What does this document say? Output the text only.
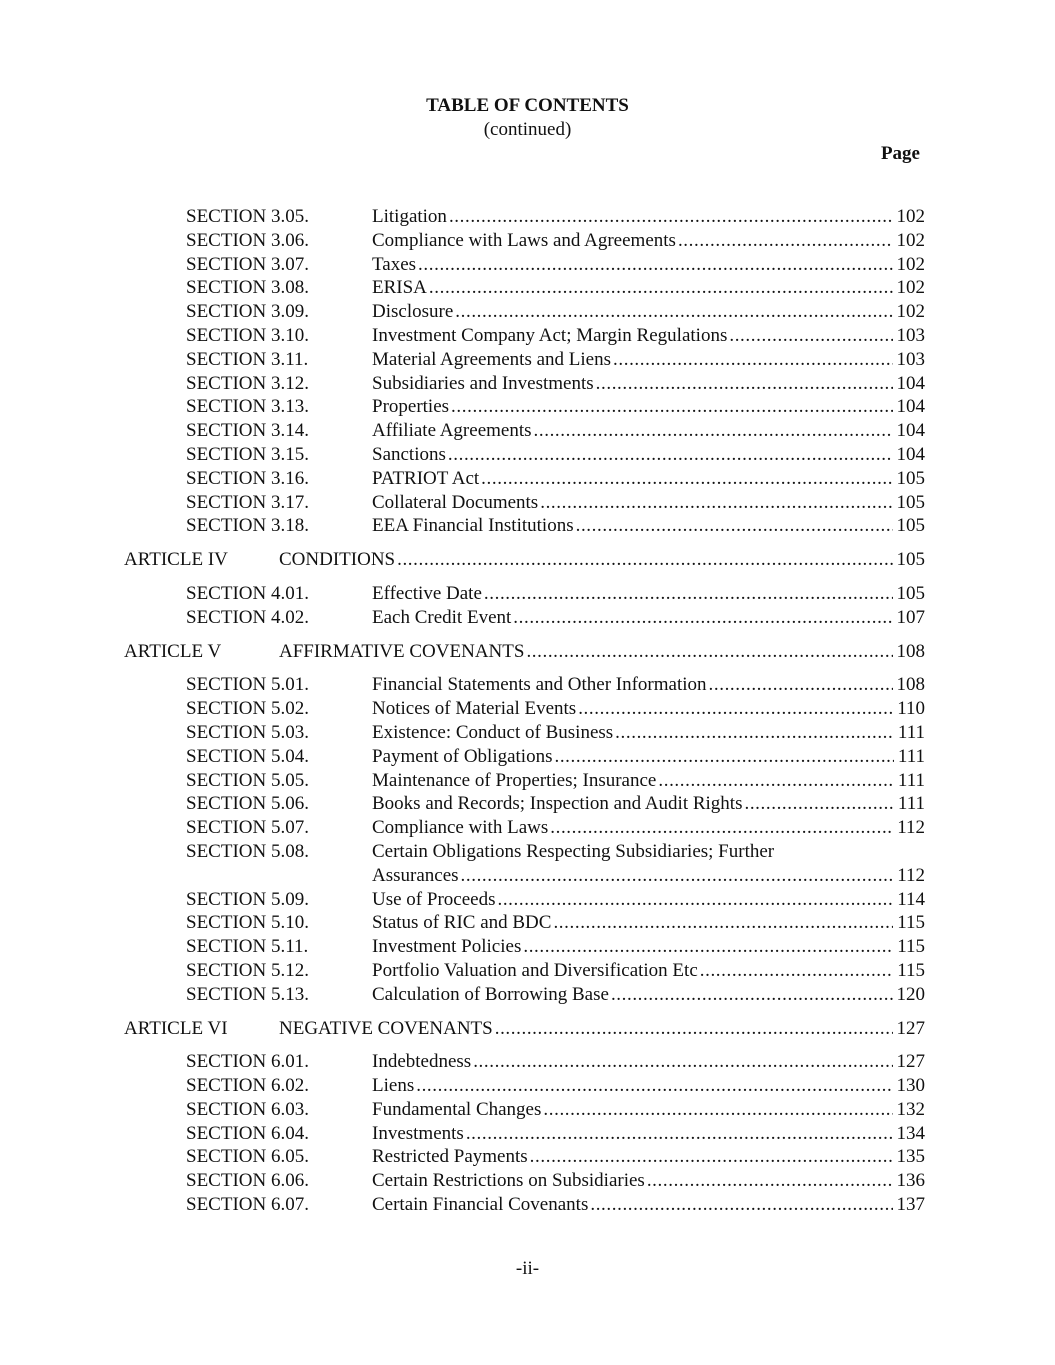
TABLE OF CONTENTS
(continued)
Page
SECTION 3.05.	Litigation .....	102
SECTION 3.06.	Compliance with Laws and Agreements .....	102
SECTION 3.07.	Taxes .....	102
SECTION 3.08.	ERISA .....	102
SECTION 3.09.	Disclosure .....	102
SECTION 3.10.	Investment Company Act; Margin Regulations .....	103
SECTION 3.11.	Material Agreements and Liens .....	103
SECTION 3.12.	Subsidiaries and Investments .....	104
SECTION 3.13.	Properties .....	104
SECTION 3.14.	Affiliate Agreements .....	104
SECTION 3.15.	Sanctions .....	104
SECTION 3.16.	PATRIOT Act .....	105
SECTION 3.17.	Collateral Documents .....	105
SECTION 3.18.	EEA Financial Institutions .....	105
ARTICLE IV	CONDITIONS .....	105
SECTION 4.01.	Effective Date .....	105
SECTION 4.02.	Each Credit Event .....	107
ARTICLE V	AFFIRMATIVE COVENANTS .....	108
SECTION 5.01.	Financial Statements and Other Information .....	108
SECTION 5.02.	Notices of Material Events .....	110
SECTION 5.03.	Existence: Conduct of Business .....	111
SECTION 5.04.	Payment of Obligations .....	111
SECTION 5.05.	Maintenance of Properties; Insurance .....	111
SECTION 5.06.	Books and Records; Inspection and Audit Rights .....	111
SECTION 5.07.	Compliance with Laws .....	112
SECTION 5.08.	Certain Obligations Respecting Subsidiaries; Further
Assurances .....	112
SECTION 5.09.	Use of Proceeds .....	114
SECTION 5.10.	Status of RIC and BDC .....	115
SECTION 5.11.	Investment Policies .....	115
SECTION 5.12.	Portfolio Valuation and Diversification Etc .....	115
SECTION 5.13.	Calculation of Borrowing Base .....	120
ARTICLE VI	NEGATIVE COVENANTS .....	127
SECTION 6.01.	Indebtedness .....	127
SECTION 6.02.	Liens .....	130
SECTION 6.03.	Fundamental Changes .....	132
SECTION 6.04.	Investments .....	134
SECTION 6.05.	Restricted Payments .....	135
SECTION 6.06.	Certain Restrictions on Subsidiaries .....	136
SECTION 6.07.	Certain Financial Covenants .....	137
-ii-
